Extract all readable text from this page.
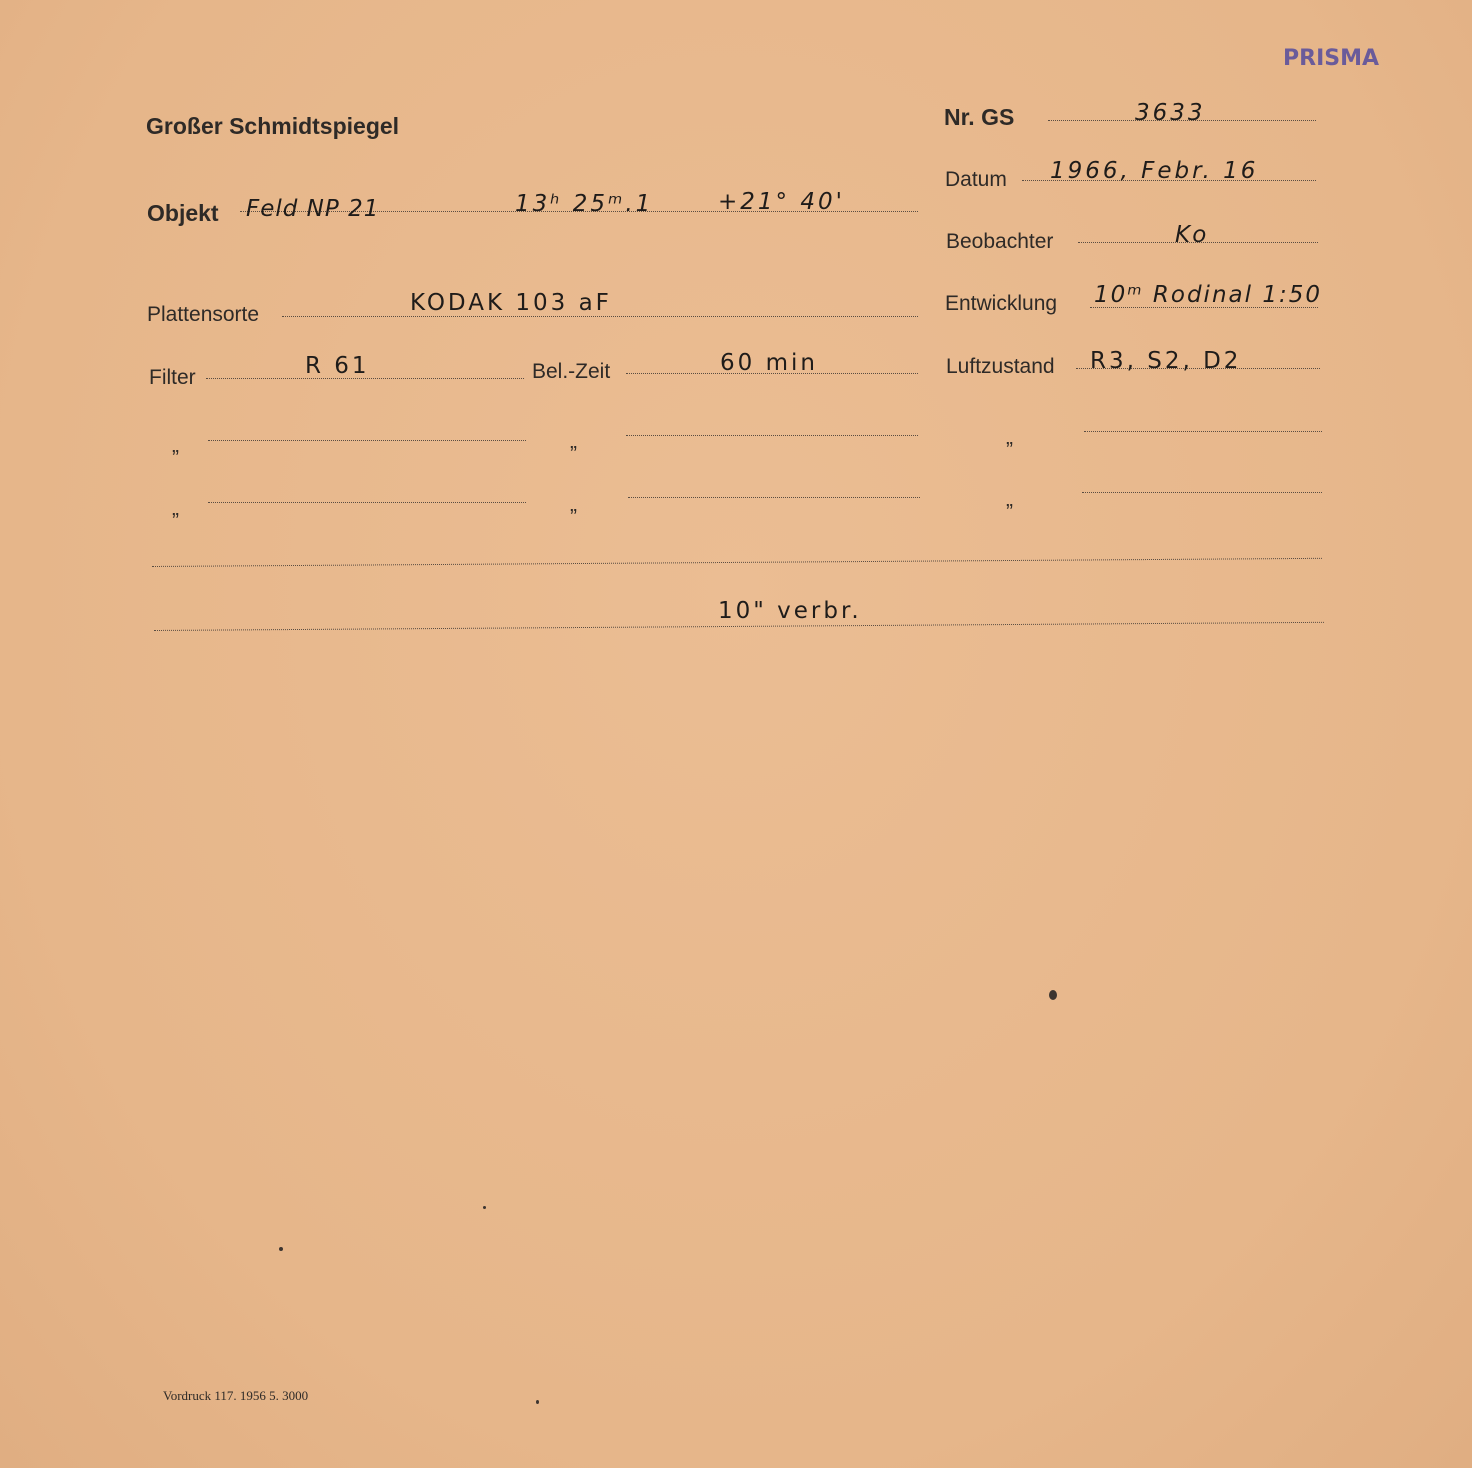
PRISMA
Großer Schmidtspiegel	Nr. GS	3633
Datum 1966, Febr. 16
Objekt Feld NP 21	13ʰ 25ᵐ.1	+21° 40'
Beobachter	Ko
Plattensorte	KODAK 103 aF	Entwicklung 10ᵐ Rodinal 1:50
Filter	R 61	Bel.-Zeit	60 min	Luftzustand R3, S2, D2
„	„	„
„	„	„
10" verbr.
Vordruck 117. 1956 5. 3000
